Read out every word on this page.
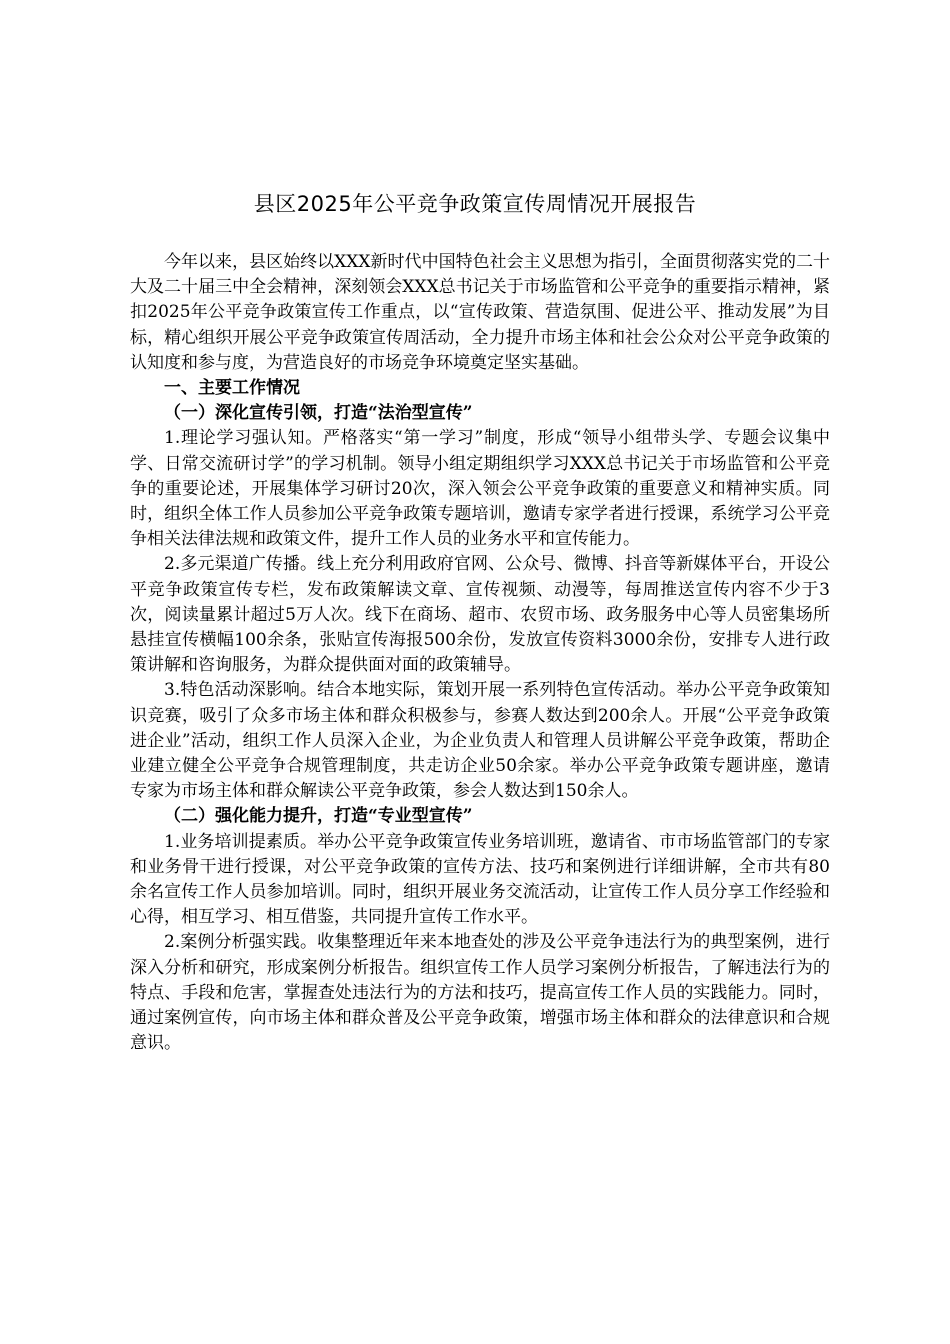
县区2025年公平竞争政策宣传周情况开展报告

今年以来，县区始终以XXX新时代中国特色社会主义思想为指引，全面贯彻落实党的二十大及二十届三中全会精神，深刻领会XXX总书记关于市场监管和公平竞争的重要指示精神，紧扣2025年公平竞争政策宣传工作重点，以“宣传政策、营造氛围、促进公平、推动发展”为目标，精心组织开展公平竞争政策宣传周活动，全力提升市场主体和社会公众对公平竞争政策的认知度和参与度，为营造良好的市场竞争环境奠定坚实基础。

一、主要工作情况

（一）深化宣传引领，打造“法治型宣传”

1.理论学习强认知。严格落实“第一学习”制度，形成“领导小组带头学、专题会议集中学、日常交流研讨学”的学习机制。领导小组定期组织学习XXX总书记关于市场监管和公平竞争的重要论述，开展集体学习研讨20次，深入领会公平竞争政策的重要意义和精神实质。同时，组织全体工作人员参加公平竞争政策专题培训，邀请专家学者进行授课，系统学习公平竞争相关法律法规和政策文件，提升工作人员的业务水平和宣传能力。

2.多元渠道广传播。线上充分利用政府官网、公众号、微博、抖音等新媒体平台，开设公平竞争政策宣传专栏，发布政策解读文章、宣传视频、动漫等，每周推送宣传内容不少于3次，阅读量累计超过5万人次。线下在商场、超市、农贸市场、政务服务中心等人员密集场所悬挂宣传横幅100余条，张贴宣传海报500余份，发放宣传资料3000余份，安排专人进行政策讲解和咨询服务，为群众提供面对面的政策辅导。

3.特色活动深影响。结合本地实际，策划开展一系列特色宣传活动。举办公平竞争政策知识竞赛，吸引了众多市场主体和群众积极参与，参赛人数达到200余人。开展“公平竞争政策进企业”活动，组织工作人员深入企业，为企业负责人和管理人员讲解公平竞争政策，帮助企业建立健全公平竞争合规管理制度，共走访企业50余家。举办公平竞争政策专题讲座，邀请专家为市场主体和群众解读公平竞争政策，参会人数达到150余人。

（二）强化能力提升，打造“专业型宣传”

1.业务培训提素质。举办公平竞争政策宣传业务培训班，邀请省、市市场监管部门的专家和业务骨干进行授课，对公平竞争政策的宣传方法、技巧和案例进行详细讲解，全市共有80余名宣传工作人员参加培训。同时，组织开展业务交流活动，让宣传工作人员分享工作经验和心得，相互学习、相互借鉴，共同提升宣传工作水平。

2.案例分析强实践。收集整理近年来本地查处的涉及公平竞争违法行为的典型案例，进行深入分析和研究，形成案例分析报告。组织宣传工作人员学习案例分析报告，了解违法行为的特点、手段和危害，掌握查处违法行为的方法和技巧，提高宣传工作人员的实践能力。同时，通过案例宣传，向市场主体和群众普及公平竞争政策，增强市场主体和群众的法律意识和合规意识。
